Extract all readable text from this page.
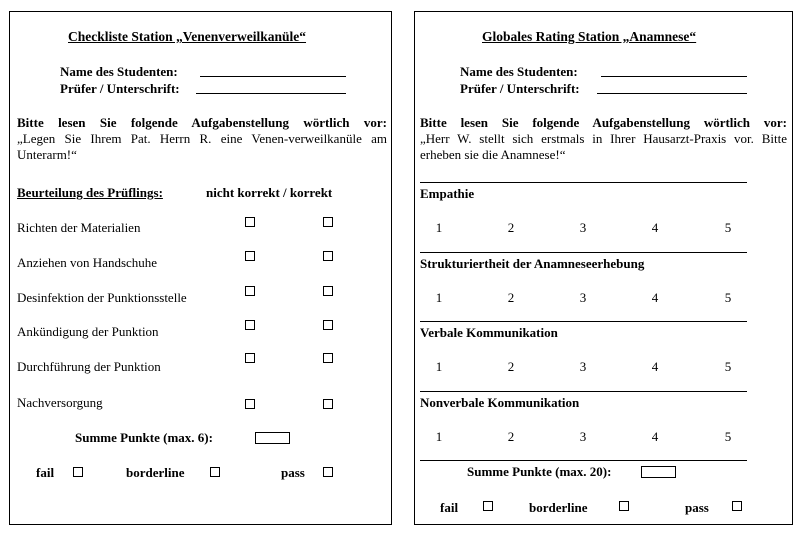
Checkliste Station „Venenverweilkanüle“
Name des Studenten:
Prüfer / Unterschrift:
Bitte lesen Sie folgende Aufgabenstellung wörtlich vor:
„Legen Sie Ihrem Pat. Herrn R. eine Venen-verweilkanüle am Unterarm!“
Beurteilung des Prüflings:	nicht korrekt / korrekt
Richten der Materialien
Anziehen von Handschuhe
Desinfektion der Punktionsstelle
Ankündigung der Punktion
Durchführung der Punktion
Nachversorgung
Summe Punkte (max. 6):
fail	borderline	pass
Globales Rating Station „Anamnese“
Name des Studenten:
Prüfer / Unterschrift:
Bitte lesen Sie folgende Aufgabenstellung wörtlich vor:
„Herr W. stellt sich erstmals in Ihrer Hausarzt-Praxis vor. Bitte erheben sie die Anamnese!“
Empathie
1	2	3	4	5
Strukturiertheit der Anamneseerhebung
1	2	3	4	5
Verbale Kommunikation
1	2	3	4	5
Nonverbale Kommunikation
1	2	3	4	5
Summe Punkte (max. 20):
fail	borderline	pass
